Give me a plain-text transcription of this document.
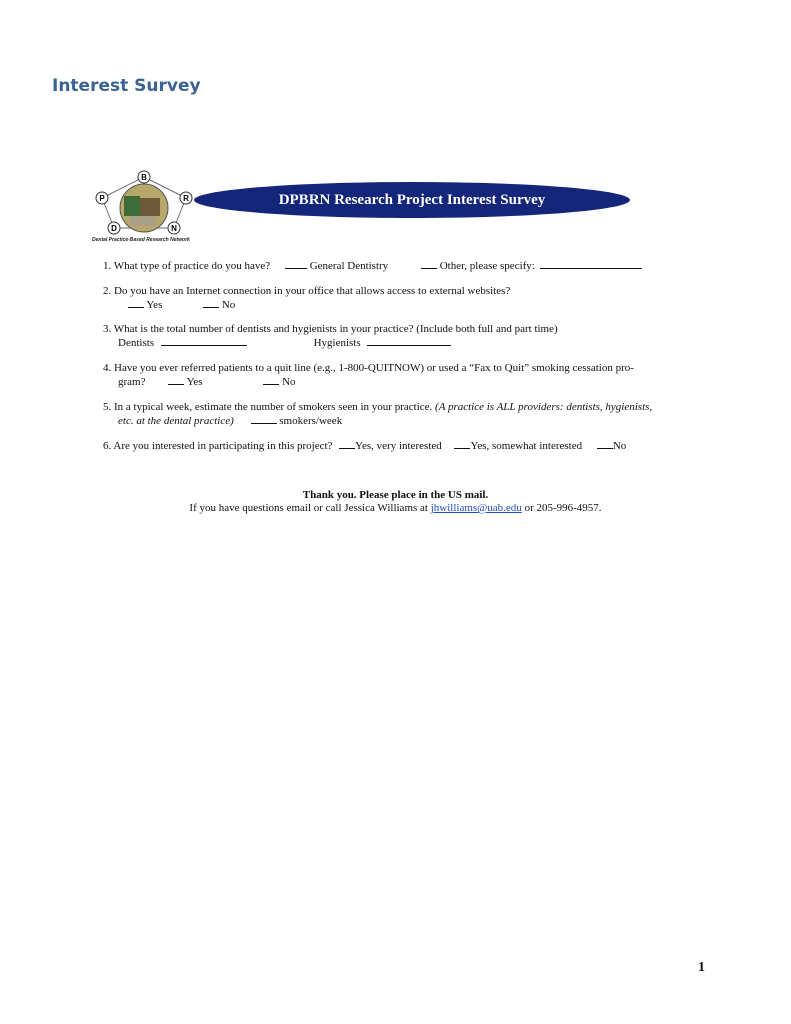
Interest Survey
B
P	R
D	N
Dental Practice-Based Research Network
DPBRN Research Project Interest Survey
1. What type of practice do you have?	General Dentistry	Other, please specify:
2. Do you have an Internet connection in your office that allows access to external websites?
Yes	No
3. What is the total number of dentists and hygienists in your practice? (Include both full and part time)
Dentists	Hygienists
4. Have you ever referred patients to a quit line (e.g., 1-800-QUITNOW) or used a “Fax to Quit” smoking cessation pro-
gram?	Yes	No
5. In a typical week, estimate the number of smokers seen in your practice. (A practice is ALL providers: dentists, hygienists,
etc. at the dental practice)	smokers/week
6. Are you interested in participating in this project? Yes, very interested	Yes, somewhat interested	No
Thank you. Please place in the US mail.
If you have questions email or call Jessica Williams at jhwilliams@uab.edu or 205-996-4957.
1
